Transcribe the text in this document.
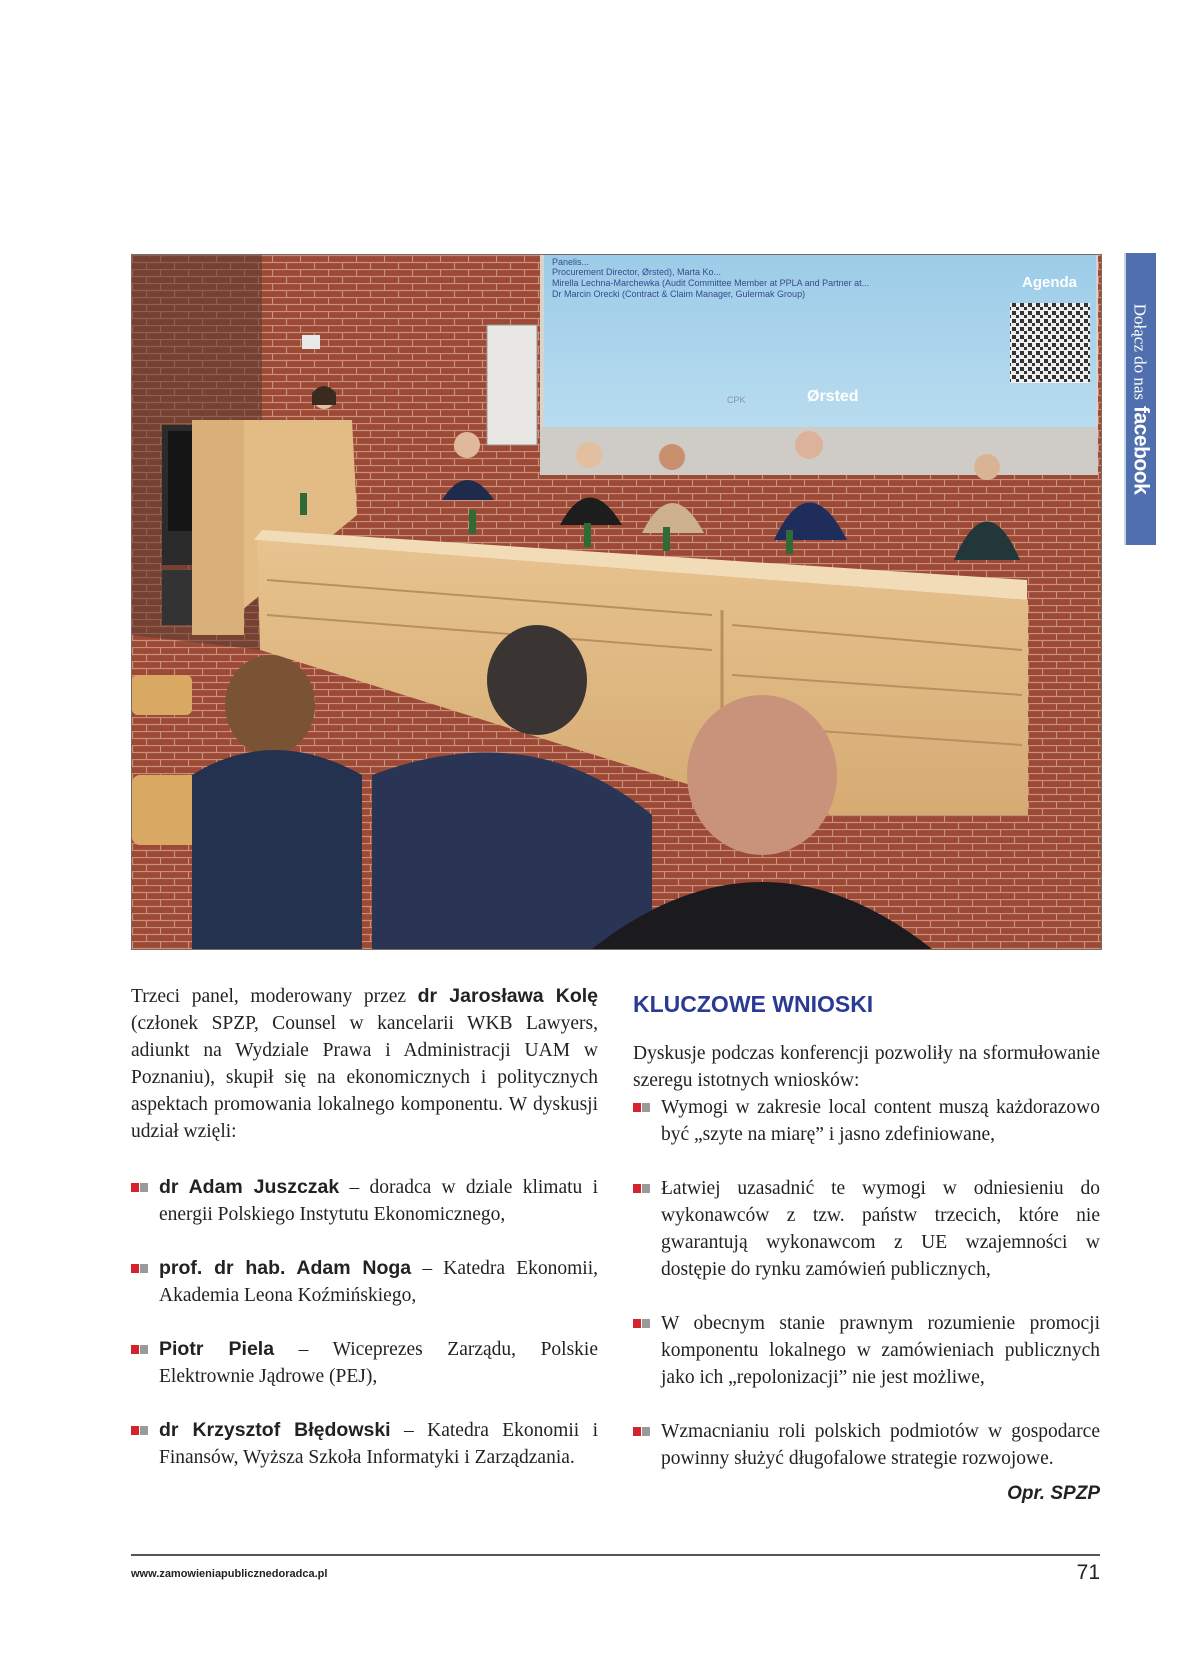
Panelis...
Procurement Director, Ørsted), Marta Ko...
Mirella Lechna-Marchewka (Audit Committee Member at PPLA and Partner at...
Dr Marcin Orecki (Contract & Claim Manager, Gulermak Group)
Agenda
CPK	Ørsted	Dołącz do nasfacebook

Trzeci panel, moderowany przez dr Jarosława Kolę (członek SPZP, Counsel w kancelarii WKB Lawyers, adiunkt na Wydziale Prawa i Administracji UAM w Poznaniu), skupił się na ekonomicznych i politycznych aspektach promowania lokalnego komponentu. W dyskusji udział wzięli:

dr Adam Juszczak – doradca w dziale klimatu i energii Polskiego Instytutu Ekonomicznego,
prof. dr hab. Adam Noga – Katedra Ekonomii, Akademia Leona Koźmińskiego,
Piotr Piela – Wiceprezes Zarządu, Polskie Elektrownie Jądrowe (PEJ),
dr Krzysztof Błędowski – Katedra Ekonomii i Finansów, Wyższa Szkoła Informatyki i Zarządzania.
KLUCZOWE WNIOSKI

Dyskusje podczas konferencji pozwoliły na sformułowanie szeregu istotnych wniosków:

Wymogi w zakresie local content muszą każdorazowo być „szyte na miarę” i jasno zdefiniowane,
Łatwiej uzasadnić te wymogi w odniesieniu do wykonawców z tzw. państw trzecich, które nie gwarantują wykonawcom z UE wzajemności w dostępie do rynku zamówień publicznych,
W obecnym stanie prawnym rozumienie promocji komponentu lokalnego w zamówieniach publicznych jako ich „repolonizacji” nie jest możliwe,
Wzmacnianiu roli polskich podmiotów w gospodarce powinny służyć długofalowe strategie rozwojowe.
Opr. SPZP
www.zamowieniapublicznedoradca.pl	71
